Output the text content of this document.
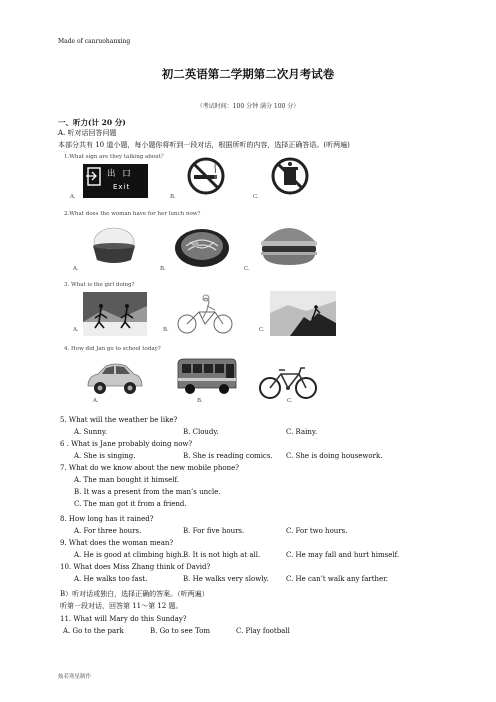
Made of canruohanxing
灿若寒星制作
初二英语第二学期第二次月考试卷
（考试时间：100 分钟 满分 100 分）
一、听力(计 20 分)
A. 听对话回答问题
本部分共有 10 道小题，每小题你将听到一段对话，根据所听的内容，选择正确答语。(听两遍)
1.What sign are they talking about？
A.	B.	C.
出 口
Exit
2.What does the woman have for her lunch now?
A.	B.	C.
3. What is the girl doing?
A.	B.	C.
4. How did Jan go to school today?
A.	B.	C.
5. What will the weather be like?
A. Sunny.	B. Cloudy.	C. Rainy.
6 . What is Jane probably doing now?
A. She is singing.	B. She is reading comics. C. She is doing housework.
7. What do we know about the new mobile phone?
A. The man bought it himself.
B. It was a present from the man’s uncle.
C. The man got it from a friend.
8. How long has it rained?
A. For three hours.	B. For five hours.	C. For two hours.
9. What does the woman mean?
A. He is good at climbing high. B. It is not high at all.	C. He may fall and hurt himself.
10. What does Miss Zhang think of David?
A. He walks too fast.	B. He walks very slowly. C. He can’t walk any farther.
B）听对话或独白，选择正确的答案。（听两遍）
听第一段对话，回答第 11～第 12 题。
11. What will Mary do this Sunday?
A. Go to the park	B. Go to see Tom	C. Play football
